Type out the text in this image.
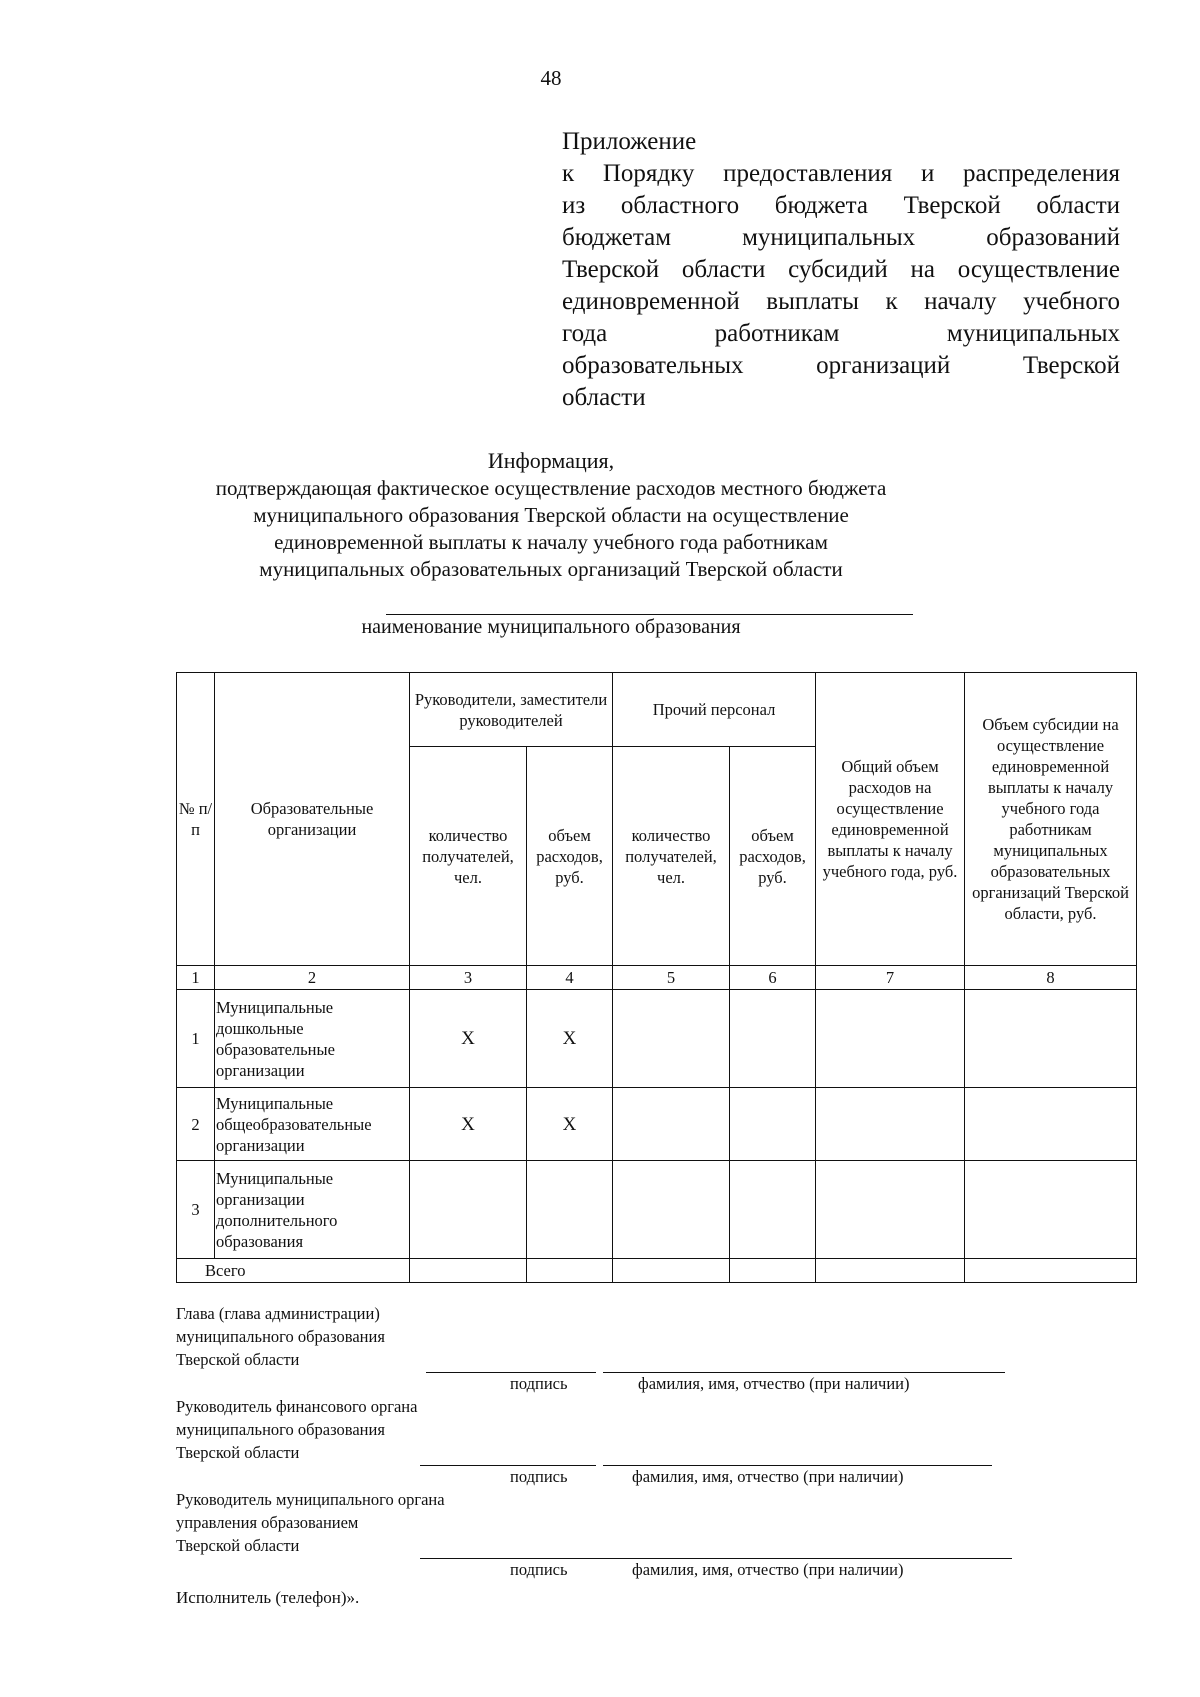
48
Приложение
к Порядку предоставления и распределения
из областного бюджета Тверской области
бюджетам муниципальных образований
Тверской области субсидий на осуществление
единовременной выплаты к началу учебного
года работникам муниципальных
образовательных организаций Тверской
области
Информация,
подтверждающая фактическое осуществление расходов местного бюджета
муниципального образования Тверской области на осуществление
единовременной выплаты к началу учебного года работникам
муниципальных образовательных организаций Тверской области
наименование муниципального образования
№ п/п	Образовательные организации	Руководители, заместители руководителей		Прочий персонал		Общий объем расходов на осуществление единовременной выплаты к началу учебного года, руб.	Объем субсидии на осуществление единовременной выплаты к началу учебного года работникам муниципальных образовательных организаций Тверской области, руб.
		количество получателей, чел.	объем расходов, руб.	количество получателей, чел.	объем расходов, руб.		
1	2	3	4	5	6	7	8
1	Муниципальные дошкольные образовательные организации	X	X				
2	Муниципальные общеобразовательные организации	X	X				
3	Муниципальные организации дополнительного образования						
Всего							
Глава (глава администрации)
муниципального образования
Тверской области
подпись	фамилия, имя, отчество (при наличии)
Руководитель финансового органа
муниципального образования
Тверской области
подпись	фамилия, имя, отчество (при наличии)
Руководитель муниципального органа
управления образованием
Тверской области
подпись	фамилия, имя, отчество (при наличии)
Исполнитель (телефон)».
